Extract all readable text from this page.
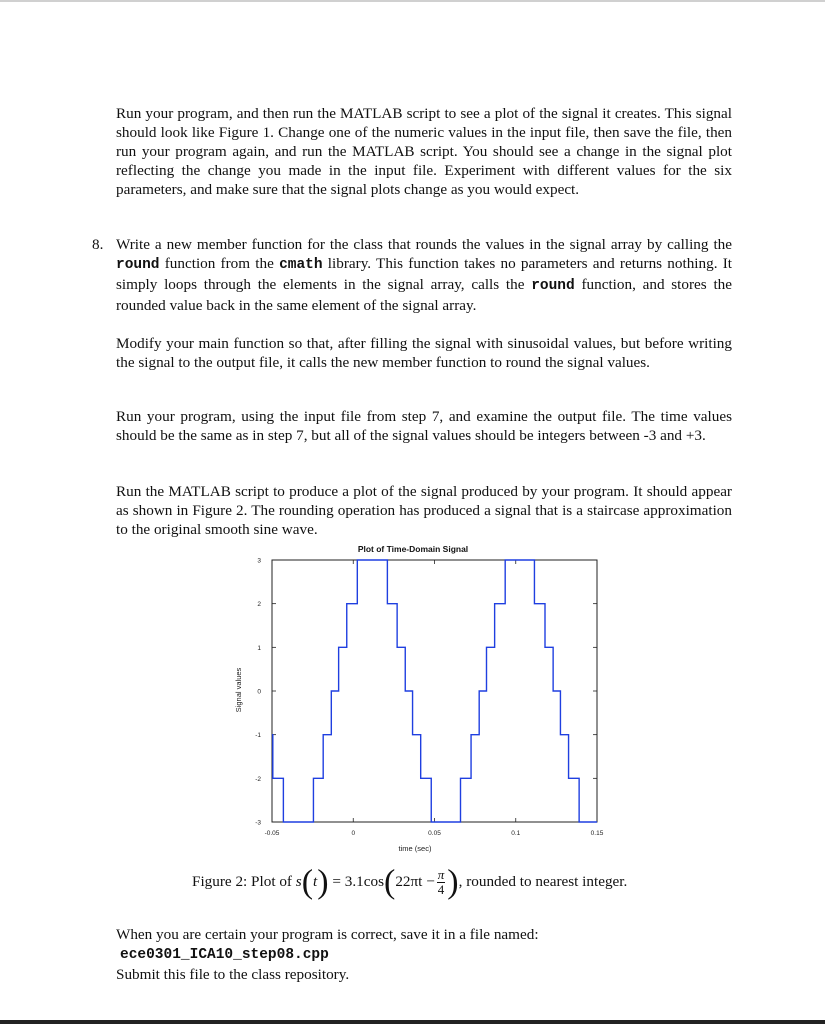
Run your program, and then run the MATLAB script to see a plot of the signal it creates. This signal should look like Figure 1. Change one of the numeric values in the input file, then save the file, then run your program again, and run the MATLAB script. You should see a change in the signal plot reflecting the change you made in the input file. Experiment with different values for the six parameters, and make sure that the signal plots change as you would expect.
8. Write a new member function for the class that rounds the values in the signal array by calling the round function from the cmath library. This function takes no parameters and returns nothing. It simply loops through the elements in the signal array, calls the round function, and stores the rounded value back in the same element of the signal array.
Modify your main function so that, after filling the signal with sinusoidal values, but before writing the signal to the output file, it calls the new member function to round the signal values.
Run your program, using the input file from step 7, and examine the output file. The time values should be the same as in step 7, but all of the signal values should be integers between -3 and +3.
Run the MATLAB script to produce a plot of the signal produced by your program. It should appear as shown in Figure 2. The rounding operation has produced a signal that is a staircase approximation to the original smooth sine wave.
Plot of Time-Domain Signal
-3
-2
-1
0
1
2
3
-0.05	0	0.05	0.1	0.15
time (sec)
Signal values
Figure 2: Plot of $s(t) = 3.1\cos(22\pi t - \frac{\pi}{4}$ ), rounded to nearest integer.
When you are certain your program is correct, save it in a file named:
ece0301_ICA10_step08.cpp
Submit this file to the class repository.
